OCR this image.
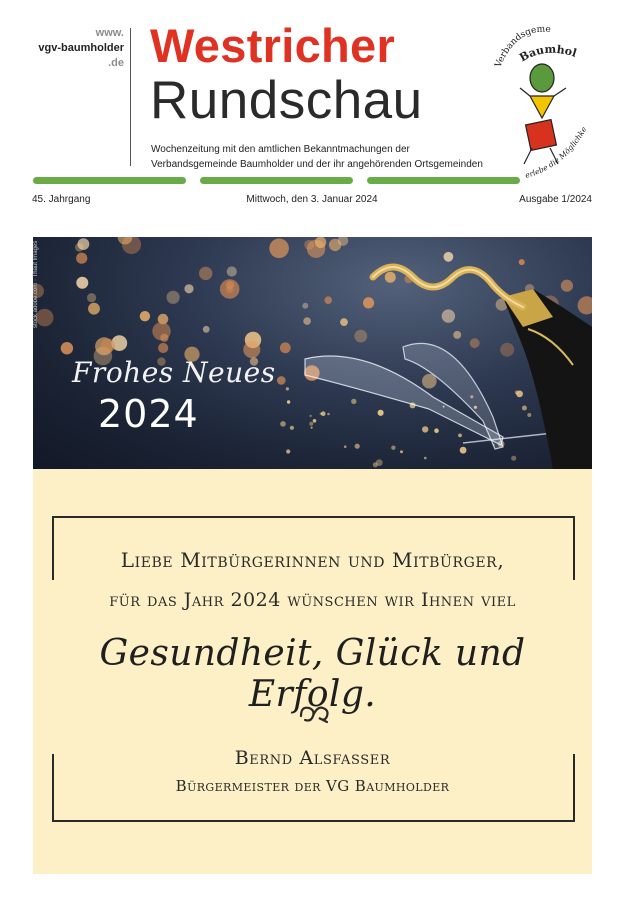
www.
vgv-baumholder
.de Westricher
Rundschau
Wochenzeitung mit den amtlichen Bekanntmachungen der
Verbandsgemeinde Baumholder und der ihr angehörenden Ortsgemeinden
Verbandsgeme
Baumhol
erlebe die Möglichke
45. Jahrgang	Mittwoch, den 3. Januar 2024	Ausgabe 1/2024
stock.adobe.com · Thaut Images
Frohes Neues
2024
Liebe Mitbürgerinnen und Mitbürger,
für das Jahr 2024 wünschen wir Ihnen viel
Gesundheit, Glück und Erfolg.
Bernd Alsfasser
Bürgermeister der VG Baumholder
